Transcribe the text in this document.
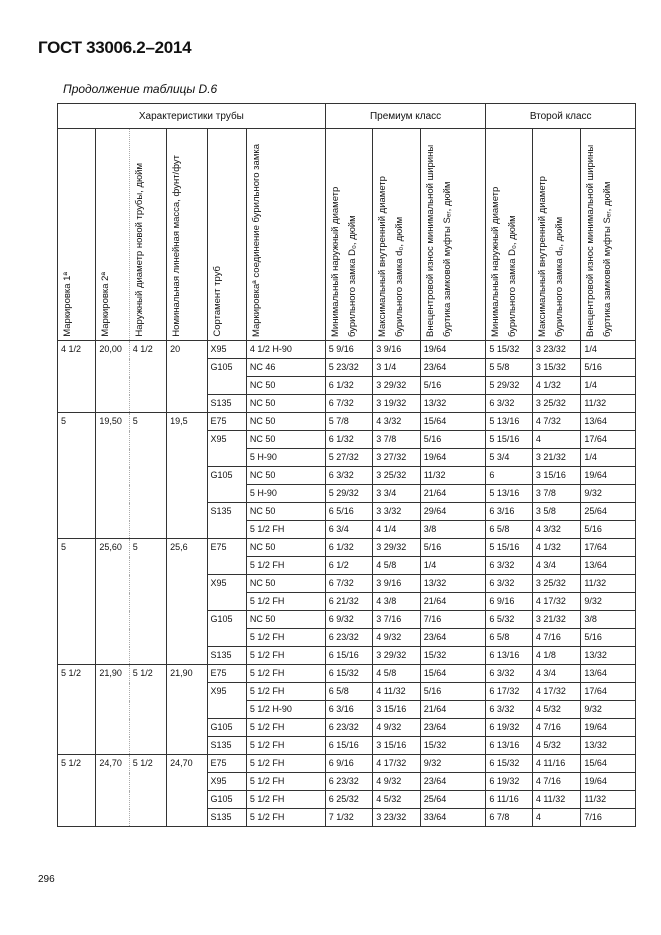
ГОСТ 33006.2–2014
Продолжение таблицы D.6
Характеристики трубы						Премиум класс			Второй класс		

Маркировка 1ª	Маркировка 2ª	Наружный диаметр новой трубы, дюйм	Номинальная линейная масса, фунт/фут	Сортамент труб	Маркировкаª соединение бурильного замка	Минимальный наружный диаметр бурильного замка D₀, дюйм	Максимальный внутренний диаметр бурильного замка d₀, дюйм	Внецентровой износ минимальной ширины буртика замковой муфты Sₑᵣ, дюйм	Минимальный наружный диаметр бурильного замка D₀, дюйм	Максимальный внутренний диаметр бурильного замка d₀, дюйм	Внецентровой износ минимальной ширины буртика замковой муфты Sₑᵣ, дюйм

4 1/2	20,00	4 1/2	20	X95	4 1/2 H-90	5 9/16	3 9/16	19/64	5 15/32	3 23/32	1/4
				G105	NC 46	5 23/32	3 1/4	23/64	5 5/8	3 15/32	5/16
					NC 50	6 1/32	3 29/32	5/16	5 29/32	4 1/32	1/4
				S135	NC 50	6 7/32	3 19/32	13/32	6 3/32	3 25/32	11/32
5	19,50	5	19,5	E75	NC 50	5 7/8	4 3/32	15/64	5 13/16	4 7/32	13/64
				X95	NC 50	6 1/32	3 7/8	5/16	5 15/16	4	17/64
					5 H-90	5 27/32	3 27/32	19/64	5 3/4	3 21/32	1/4
				G105	NC 50	6 3/32	3 25/32	11/32	6	3 15/16	19/64
					5 H-90	5 29/32	3 3/4	21/64	5 13/16	3 7/8	9/32
				S135	NC 50	6 5/16	3 3/32	29/64	6 3/16	3 5/8	25/64
					5 1/2 FH	6 3/4	4 1/4	3/8	6 5/8	4 3/32	5/16
5	25,60	5	25,6	E75	NC 50	6 1/32	3 29/32	5/16	5 15/16	4 1/32	17/64
					5 1/2 FH	6 1/2	4 5/8	1/4	6 3/32	4 3/4	13/64
				X95	NC 50	6 7/32	3 9/16	13/32	6 3/32	3 25/32	11/32
					5 1/2 FH	6 21/32	4 3/8	21/64	6 9/16	4 17/32	9/32
				G105	NC 50	6 9/32	3 7/16	7/16	6 5/32	3 21/32	3/8
					5 1/2 FH	6 23/32	4 9/32	23/64	6 5/8	4 7/16	5/16
				S135	5 1/2 FH	6 15/16	3 29/32	15/32	6 13/16	4 1/8	13/32
5 1/2	21,90	5 1/2	21,90	E75	5 1/2 FH	6 15/32	4 5/8	15/64	6 3/32	4 3/4	13/64
				X95	5 1/2 FH	6 5/8	4 11/32	5/16	6 17/32	4 17/32	17/64
					5 1/2 H-90	6 3/16	3 15/16	21/64	6 3/32	4 5/32	9/32
				G105	5 1/2 FH	6 23/32	4 9/32	23/64	6 19/32	4 7/16	19/64
				S135	5 1/2 FH	6 15/16	3 15/16	15/32	6 13/16	4 5/32	13/32
5 1/2	24,70	5 1/2	24,70	E75	5 1/2 FH	6 9/16	4 17/32	9/32	6 15/32	4 11/16	15/64
				X95	5 1/2 FH	6 23/32	4 9/32	23/64	6 19/32	4 7/16	19/64
				G105	5 1/2 FH	6 25/32	4 5/32	25/64	6 11/16	4 11/32	11/32
				S135	5 1/2 FH	7 1/32	3 23/32	33/64	6 7/8	4	7/16
296
